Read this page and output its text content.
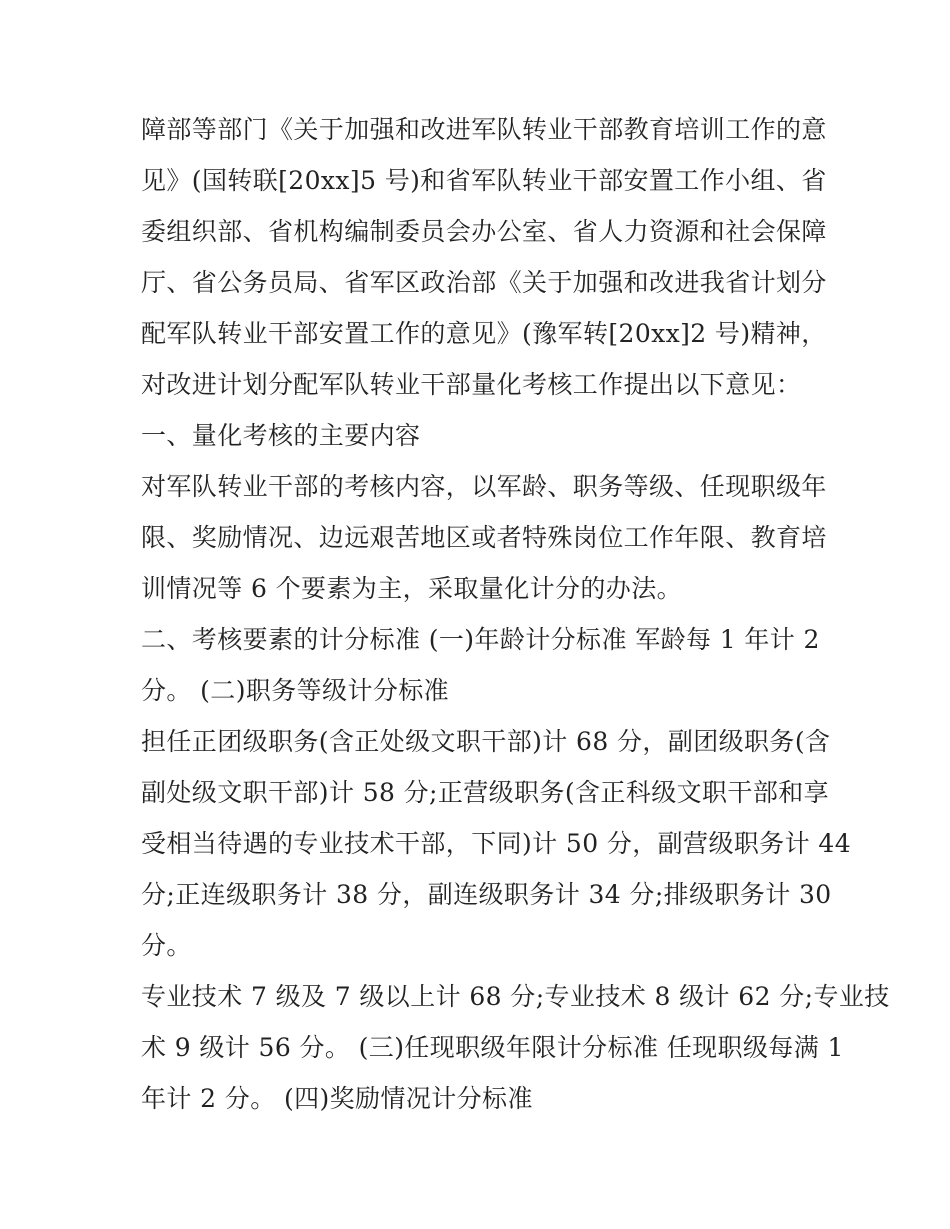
障部等部门《关于加强和改进军队转业干部教育培训工作的意

见》(国转联[20xx]5 号)和省军队转业干部安置工作小组、省

委组织部、省机构编制委员会办公室、省人力资源和社会保障

厅、省公务员局、省军区政治部《关于加强和改进我省计划分

配军队转业干部安置工作的意见》(豫军转[20xx]2 号)精神，

对改进计划分配军队转业干部量化考核工作提出以下意见：

一、量化考核的主要内容

对军队转业干部的考核内容，以军龄、职务等级、任现职级年

限、奖励情况、边远艰苦地区或者特殊岗位工作年限、教育培

训情况等 6 个要素为主，采取量化计分的办法。

二、考核要素的计分标准 (一)年龄计分标准 军龄每 1 年计 2

分。 (二)职务等级计分标准

担任正团级职务(含正处级文职干部)计 68 分，副团级职务(含

副处级文职干部)计 58 分;正营级职务(含正科级文职干部和享

受相当待遇的专业技术干部，下同)计 50 分，副营级职务计 44

分;正连级职务计 38 分，副连级职务计 34 分;排级职务计 30

分。

专业技术 7 级及 7 级以上计 68 分;专业技术 8 级计 62 分;专业技

术 9 级计 56 分。 (三)任现职级年限计分标准 任现职级每满 1

年计 2 分。 (四)奖励情况计分标准
